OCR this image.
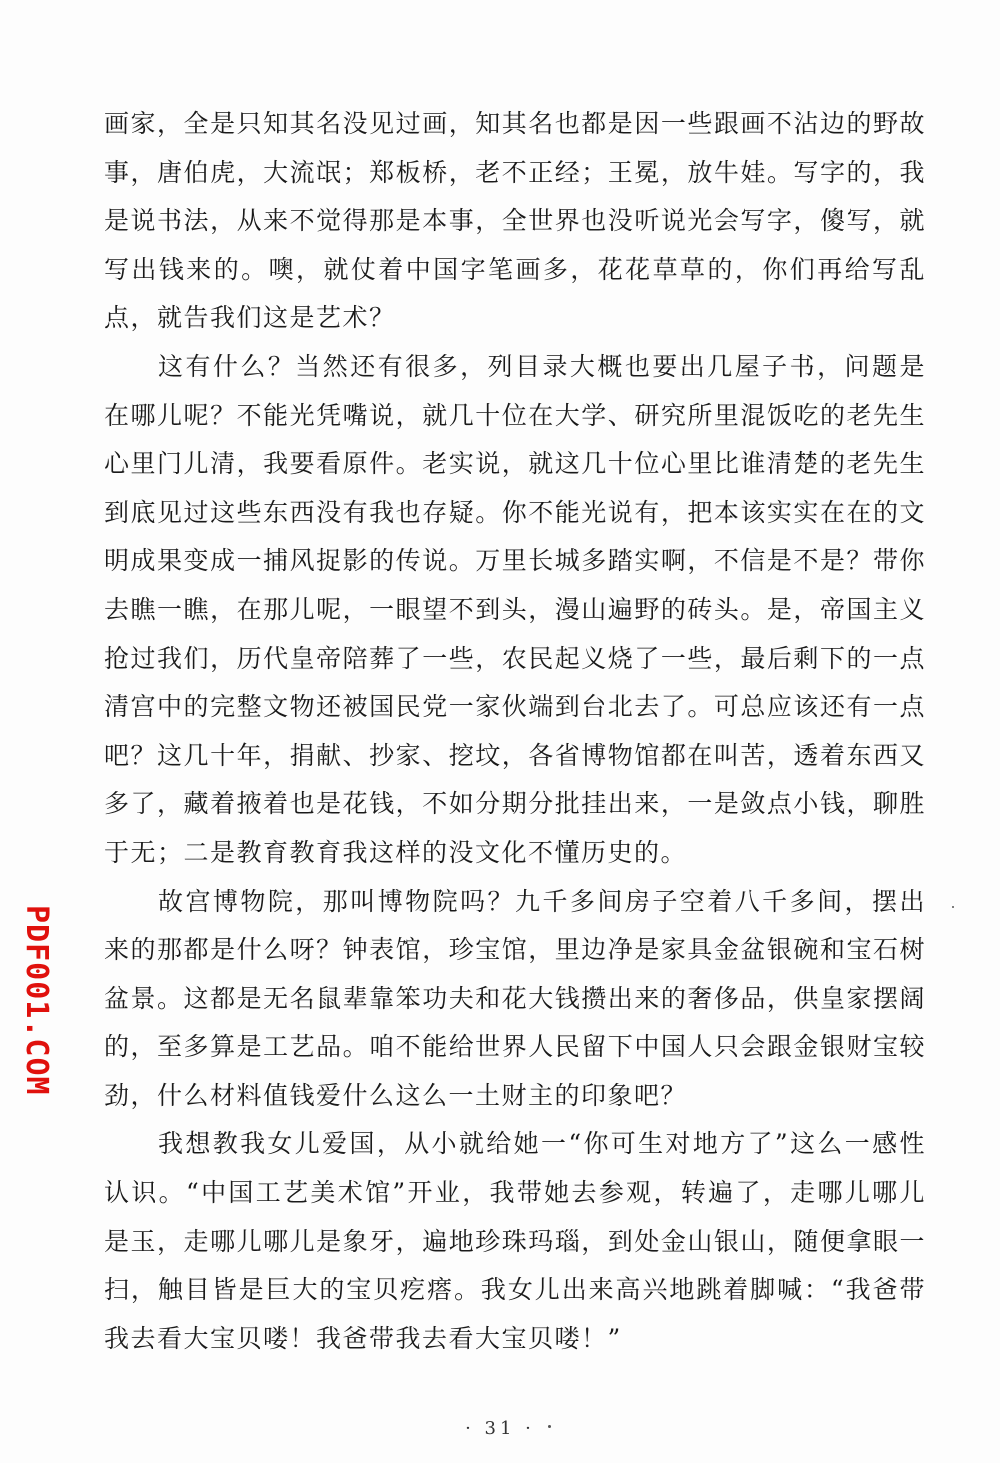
画家，全是只知其名没见过画，知其名也都是因一些跟画不沾边的野故事，唐伯虎，大流氓；郑板桥，老不正经；王冕，放牛娃。写字的，我是说书法，从来不觉得那是本事，全世界也没听说光会写字，傻写，就写出钱来的。噢，就仗着中国字笔画多，花花草草的，你们再给写乱点，就告我们这是艺术？

这有什么？当然还有很多，列目录大概也要出几屋子书，问题是在哪儿呢？不能光凭嘴说，就几十位在大学、研究所里混饭吃的老先生心里门儿清，我要看原件。老实说，就这几十位心里比谁清楚的老先生到底见过这些东西没有我也存疑。你不能光说有，把本该实实在在的文明成果变成一捕风捉影的传说。万里长城多踏实啊，不信是不是？带你去瞧一瞧，在那儿呢，一眼望不到头，漫山遍野的砖头。是，帝国主义抢过我们，历代皇帝陪葬了一些，农民起义烧了一些，最后剩下的一点清宫中的完整文物还被国民党一家伙端到台北去了。可总应该还有一点吧？这几十年，捐献、抄家、挖坟，各省博物馆都在叫苦，透着东西又多了，藏着掖着也是花钱，不如分期分批挂出来，一是敛点小钱，聊胜于无；二是教育教育我这样的没文化不懂历史的。

故宫博物院，那叫博物院吗？九千多间房子空着八千多间，摆出来的那都是什么呀？钟表馆，珍宝馆，里边净是家具金盆银碗和宝石树盆景。这都是无名鼠辈靠笨功夫和花大钱攒出来的奢侈品，供皇家摆阔的，至多算是工艺品。咱不能给世界人民留下中国人只会跟金银财宝较劲，什么材料值钱爱什么这么一土财主的印象吧？

我想教我女儿爱国，从小就给她一“你可生对地方了”这么一感性认识。“中国工艺美术馆”开业，我带她去参观，转遍了，走哪儿哪儿是玉，走哪儿哪儿是象牙，遍地珍珠玛瑙，到处金山银山，随便拿眼一扫，触目皆是巨大的宝贝疙瘩。我女儿出来高兴地跳着脚喊：“我爸带我去看大宝贝喽！我爸带我去看大宝贝喽！”

PDF001.COM
· 31 ·
